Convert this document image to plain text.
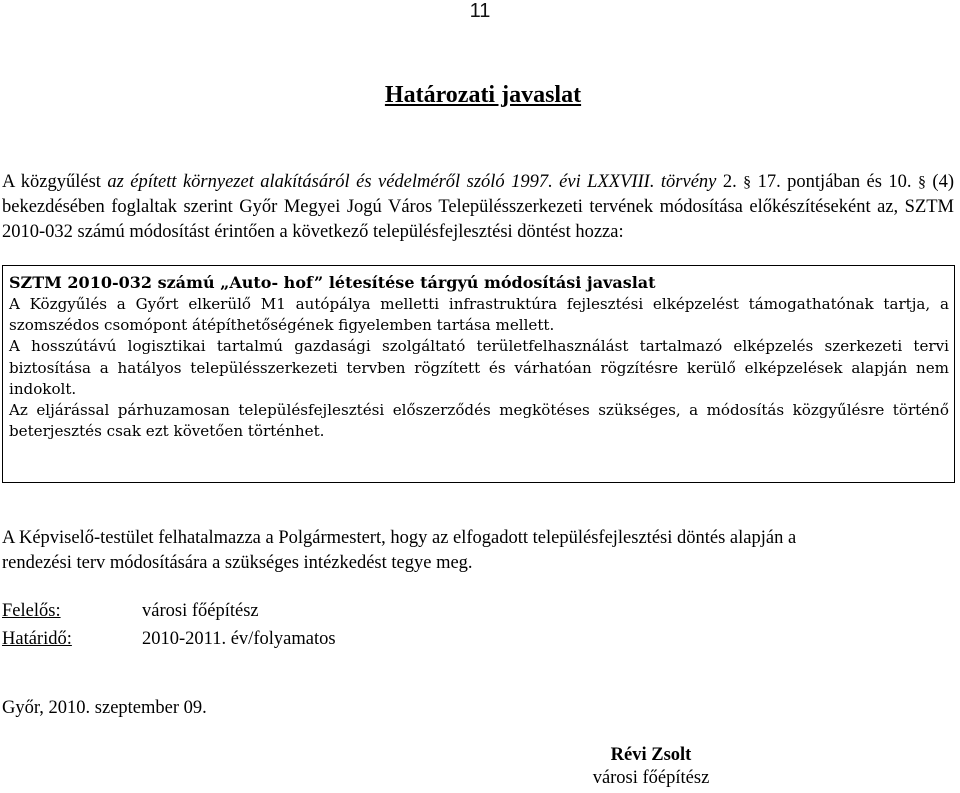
11
Határozati javaslat

A közgyűlést az épített környezet alakításáról és védelméről szóló 1997. évi LXXVIII. törvény 2. § 17. pontjában és 10. § (4) bekezdésében foglaltak szerint Győr Megyei Jogú Város Településszerkezeti tervének módosítása előkészítéseként az, SZTM 2010-032 számú módosítást érintően a következő településfejlesztési döntést hozza:

SZTM 2010-032 számú „Auto- hof” létesítése tárgyú módosítási javaslat

A Közgyűlés a Győrt elkerülő M1 autópálya melletti infrastruktúra fejlesztési elképzelést támogathatónak tartja, a szomszédos csomópont átépíthetőségének figyelemben tartása mellett.

A hosszútávú logisztikai tartalmú gazdasági szolgáltató területfelhasználást tartalmazó elképzelés szerkezeti tervi biztosítása a hatályos településszerkezeti tervben rögzített és várhatóan rögzítésre kerülő elképzelések alapján nem indokolt.

Az eljárással párhuzamosan településfejlesztési előszerződés megkötéses szükséges, a módosítás közgyűlésre történő beterjesztés csak ezt követően történhet.

A Képviselő-testület felhatalmazza a Polgármestert, hogy az elfogadott településfejlesztési döntés alapján a rendezési terv módosítására a szükséges intézkedést tegye meg.

Felelős:	városi főépítész
Határidő:	2010-2011. év/folyamatos
Győr, 2010. szeptember 09.
Révi Zsolt
városi főépítész
